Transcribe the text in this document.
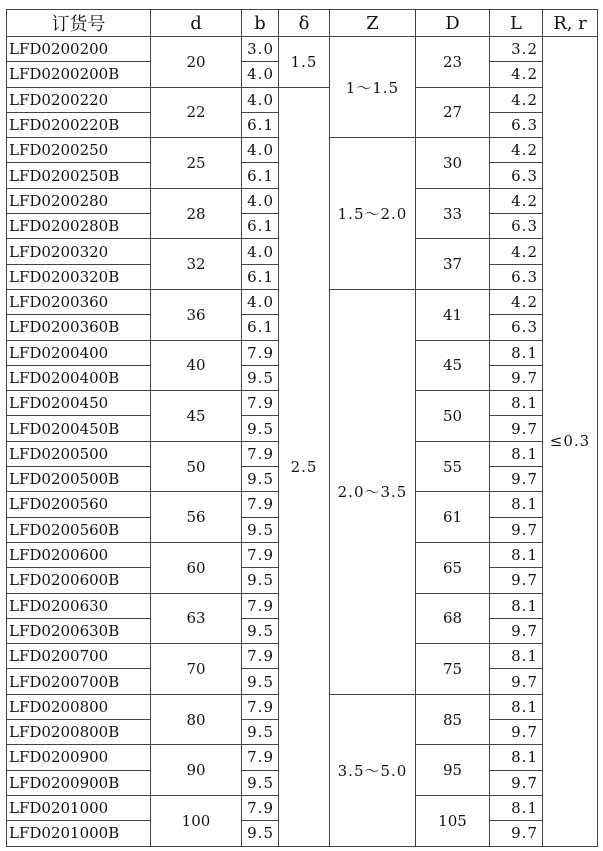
订货号	d	b	δ	Z	D	L	R, r
LFD0200200	20	3.0	1.5	1～1.5	23	3.2	≤0.3
LFD0200200B		4.0				4.2	
LFD0200220	22	4.0	2.5		27	4.2	
LFD0200220B		6.1				6.3	
LFD0200250	25	4.0		1.5～2.0	30	4.2	
LFD0200250B		6.1				6.3	
LFD0200280	28	4.0			33	4.2	
LFD0200280B		6.1				6.3	
LFD0200320	32	4.0			37	4.2	
LFD0200320B		6.1				6.3	
LFD0200360	36	4.0		2.0～3.5	41	4.2	
LFD0200360B		6.1				6.3	
LFD0200400	40	7.9			45	8.1	
LFD0200400B		9.5				9.7	
LFD0200450	45	7.9			50	8.1	
LFD0200450B		9.5				9.7	
LFD0200500	50	7.9			55	8.1	
LFD0200500B		9.5				9.7	
LFD0200560	56	7.9			61	8.1	
LFD0200560B		9.5				9.7	
LFD0200600	60	7.9			65	8.1	
LFD0200600B		9.5				9.7	
LFD0200630	63	7.9			68	8.1	
LFD0200630B		9.5				9.7	
LFD0200700	70	7.9			75	8.1	
LFD0200700B		9.5				9.7	
LFD0200800	80	7.9		3.5～5.0	85	8.1	
LFD0200800B		9.5				9.7	
LFD0200900	90	7.9			95	8.1	
LFD0200900B		9.5				9.7	
LFD0201000	100	7.9			105	8.1	
LFD0201000B		9.5				9.7	
